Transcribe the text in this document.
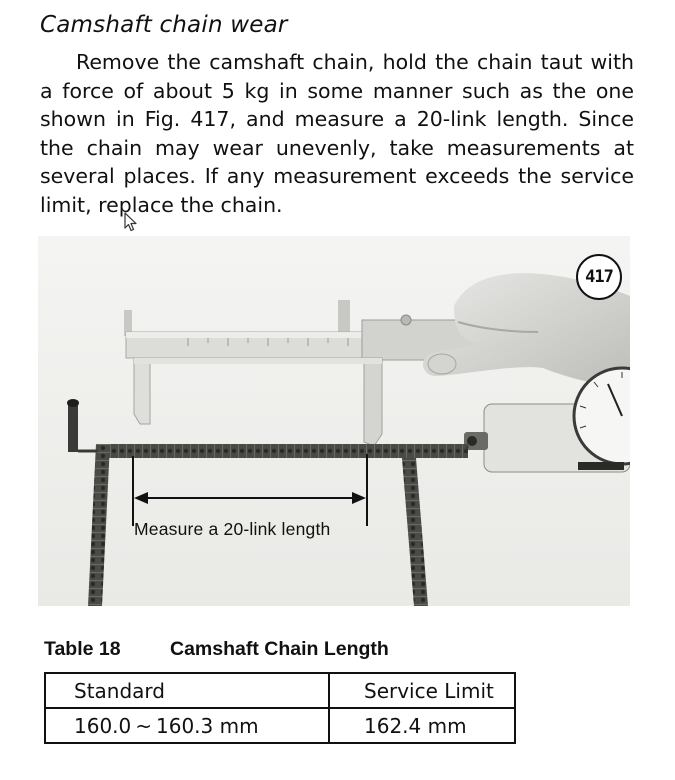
Camshaft chain wear

Remove the camshaft chain, hold the chain taut with a force of about 5 kg in some manner such as the one shown in Fig. 417, and measure a 20-link length. Since the chain may wear unevenly, take measurements at several places. If any measurement exceeds the service limit, replace the chain.

Measure a 20-link length
417
Table 18	Camshaft Chain Length
Standard	Service Limit
160.0 ~ 160.3 mm	162.4 mm
